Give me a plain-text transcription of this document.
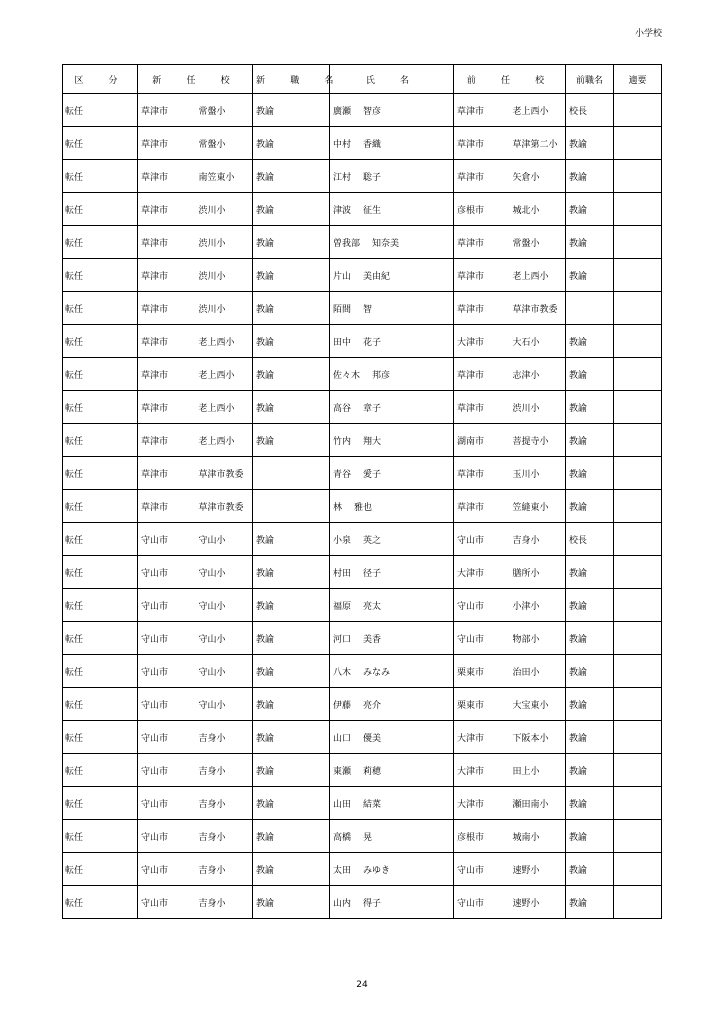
小学校
区　分	新　任　校		新　職　名	氏　名	前　任　校		前職名	適要
転任	草津市	常盤小	教諭	廣瀬 智彦	草津市	老上西小	校長	
転任	草津市	常盤小	教諭	中村 香織	草津市	草津第二小	教諭	
転任	草津市	南笠東小	教諭	江村 聡子	草津市	矢倉小	教諭	
転任	草津市	渋川小	教諭	津波 征生	彦根市	城北小	教諭	
転任	草津市	渋川小	教諭	曽我部 知奈美	草津市	常盤小	教諭	
転任	草津市	渋川小	教諭	片山 美由紀	草津市	老上西小	教諭	
転任	草津市	渋川小	教諭	陌間 智	草津市	草津市教委		
転任	草津市	老上西小	教諭	田中 花子	大津市	大石小	教諭	
転任	草津市	老上西小	教諭	佐々木 邦彦	草津市	志津小	教諭	
転任	草津市	老上西小	教諭	高谷 章子	草津市	渋川小	教諭	
転任	草津市	老上西小	教諭	竹内 翔大	湖南市	菩提寺小	教諭	
転任	草津市	草津市教委		青谷 愛子	草津市	玉川小	教諭	
転任	草津市	草津市教委		林 雅也	草津市	笠縫東小	教諭	
転任	守山市	守山小	教諭	小泉 英之	守山市	吉身小	校長	
転任	守山市	守山小	教諭	村田 径子	大津市	膳所小	教諭	
転任	守山市	守山小	教諭	福原 亮太	守山市	小津小	教諭	
転任	守山市	守山小	教諭	河口 美香	守山市	物部小	教諭	
転任	守山市	守山小	教諭	八木 みなみ	栗東市	治田小	教諭	
転任	守山市	守山小	教諭	伊藤 亮介	栗東市	大宝東小	教諭	
転任	守山市	吉身小	教諭	山口 優美	大津市	下阪本小	教諭	
転任	守山市	吉身小	教諭	東瀬 莉穂	大津市	田上小	教諭	
転任	守山市	吉身小	教諭	山田 結菜	大津市	瀬田南小	教諭	
転任	守山市	吉身小	教諭	高橋 晃	彦根市	城南小	教諭	
転任	守山市	吉身小	教諭	太田 みゆき	守山市	速野小	教諭	
転任	守山市	吉身小	教諭	山内 得子	守山市	速野小	教諭	
24
